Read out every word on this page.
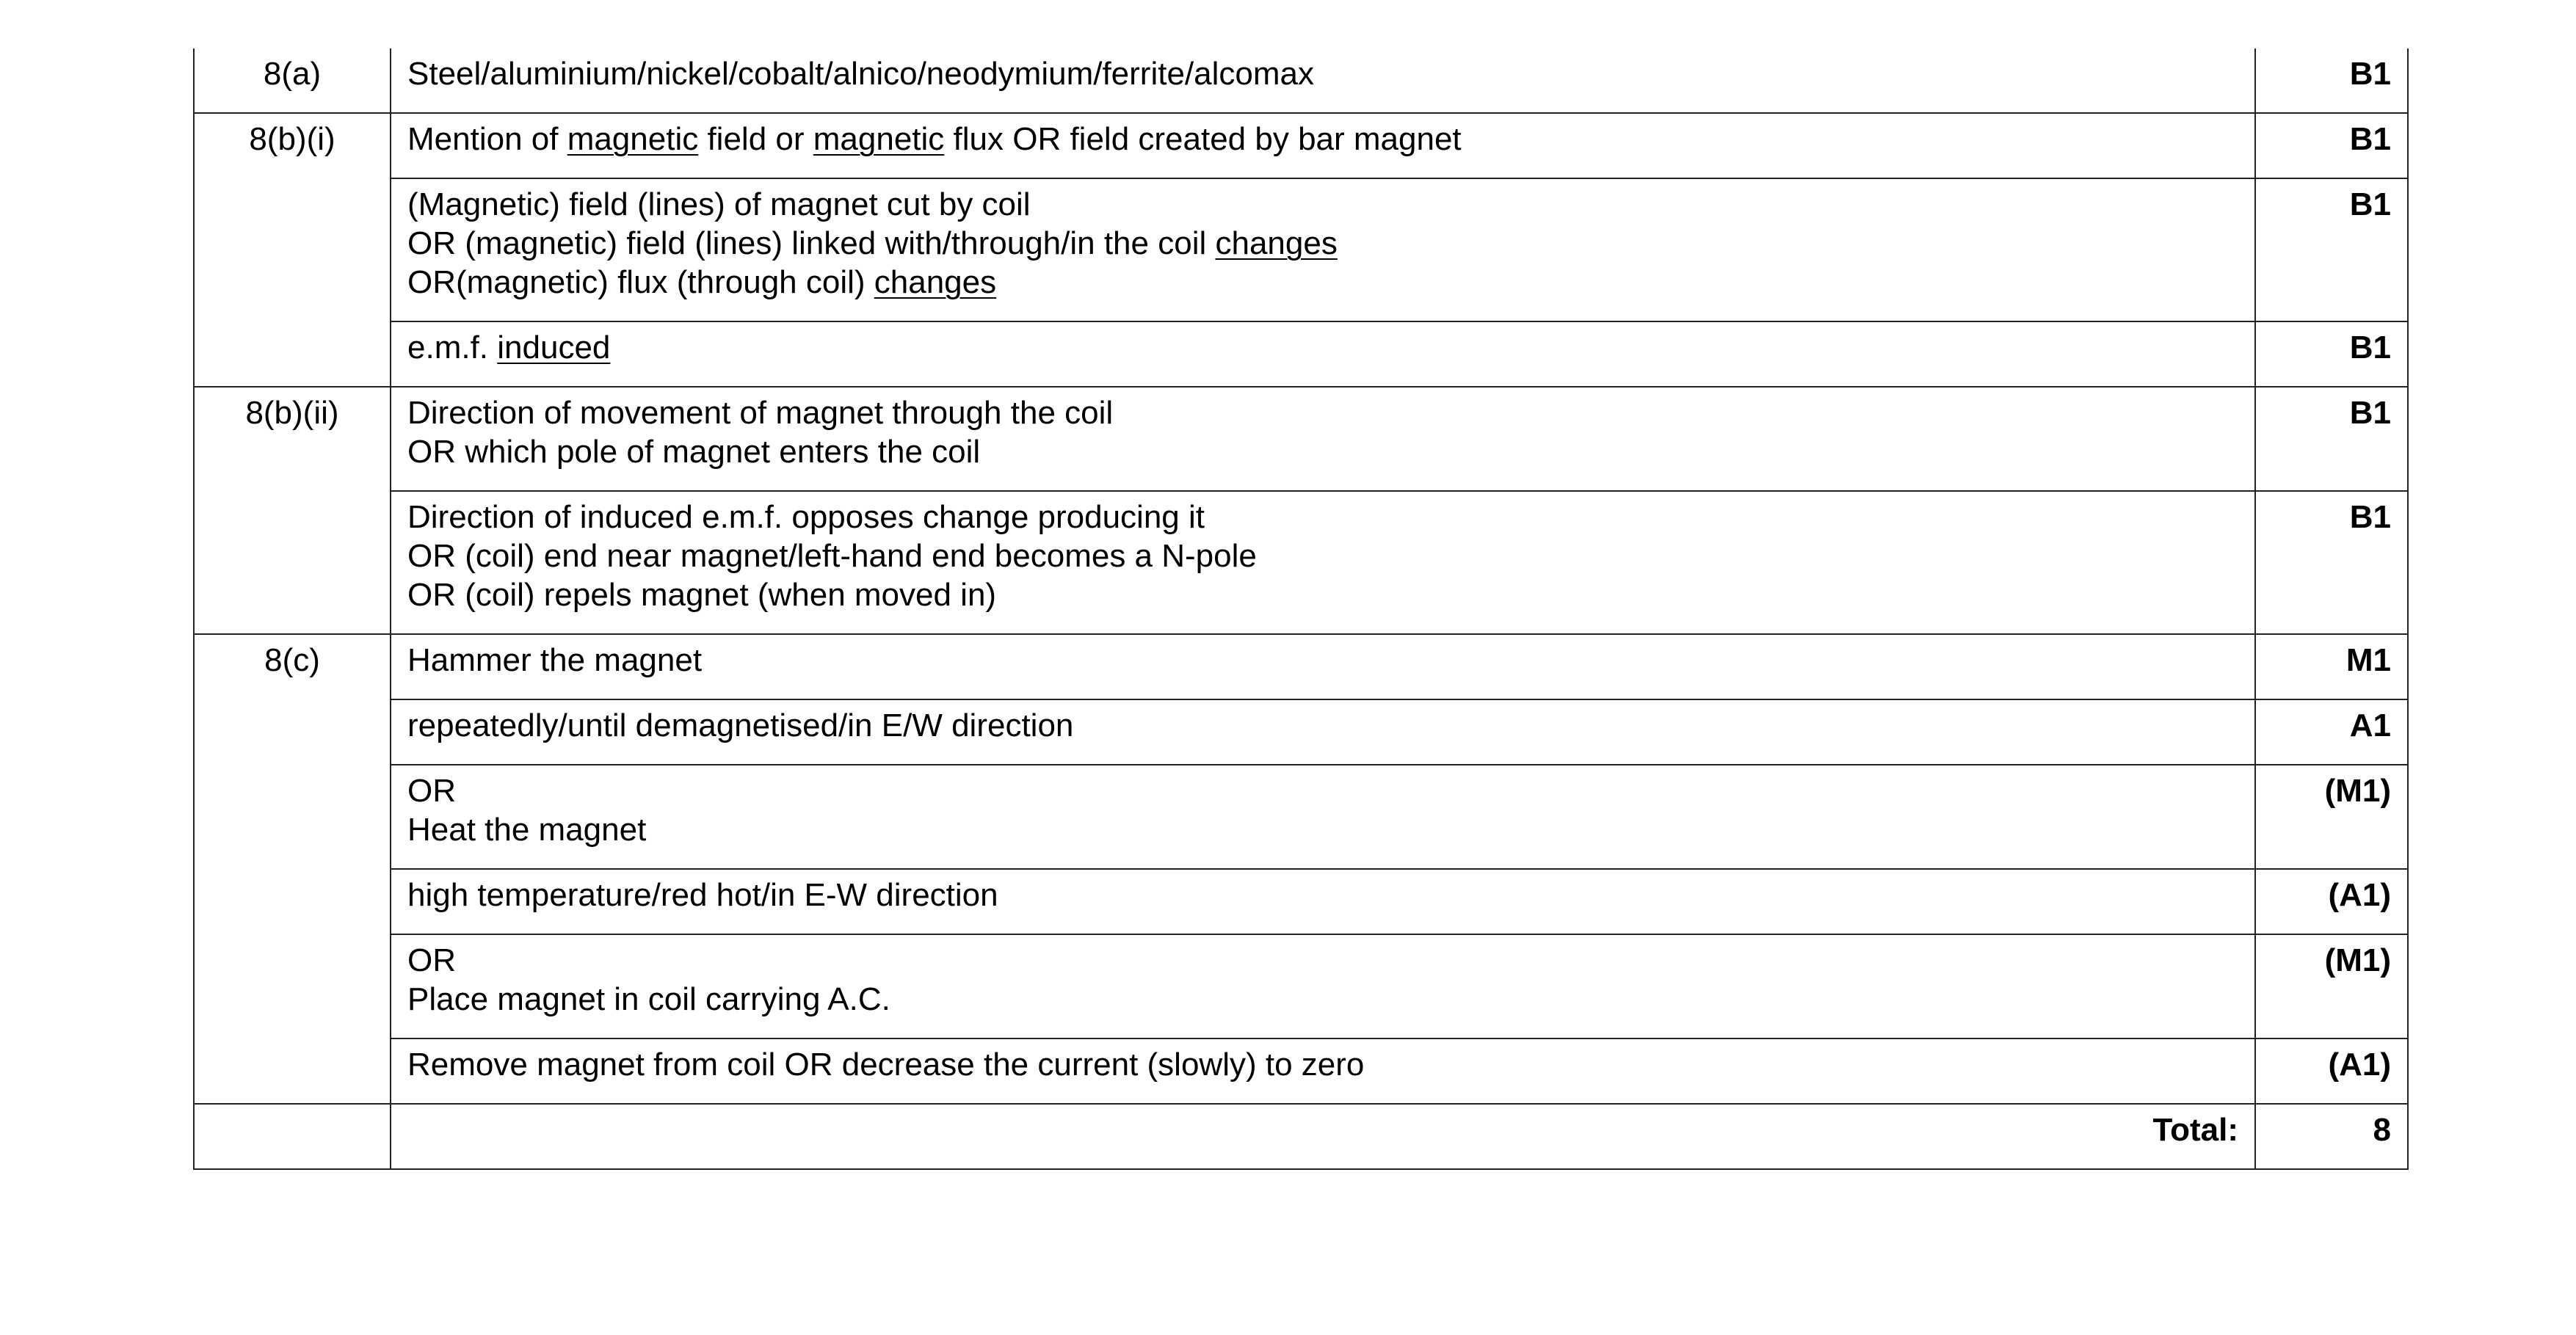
8(a)	Steel/aluminium/nickel/cobalt/alnico/neodymium/ferrite/alcomax	B1
8(b)(i)	Mention of magnetic field or magnetic flux OR field created by bar magnet	B1

	(Magnetic) field (lines) of magnet cut by coil
OR (magnetic) field (lines) linked with/through/in the coil changes
OR(magnetic) flux (through coil) changes	B1

	e.m.f. induced	B1
8(b)(ii)	Direction of movement of magnet through the coil
OR which pole of magnet enters the coil	B1

	Direction of induced e.m.f. opposes change producing it
OR (coil) end near magnet/left-hand end becomes a N-pole
OR (coil) repels magnet (when moved in)	B1
8(c)	Hammer the magnet	M1

	repeatedly/until demagnetised/in E/W direction	A1

	OR
Heat the magnet	(M1)

	high temperature/red hot/in E-W direction	(A1)

	OR
Place magnet in coil carrying A.C.	(M1)

	Remove magnet from coil OR decrease the current (slowly) to zero	(A1)
	Total:	8
